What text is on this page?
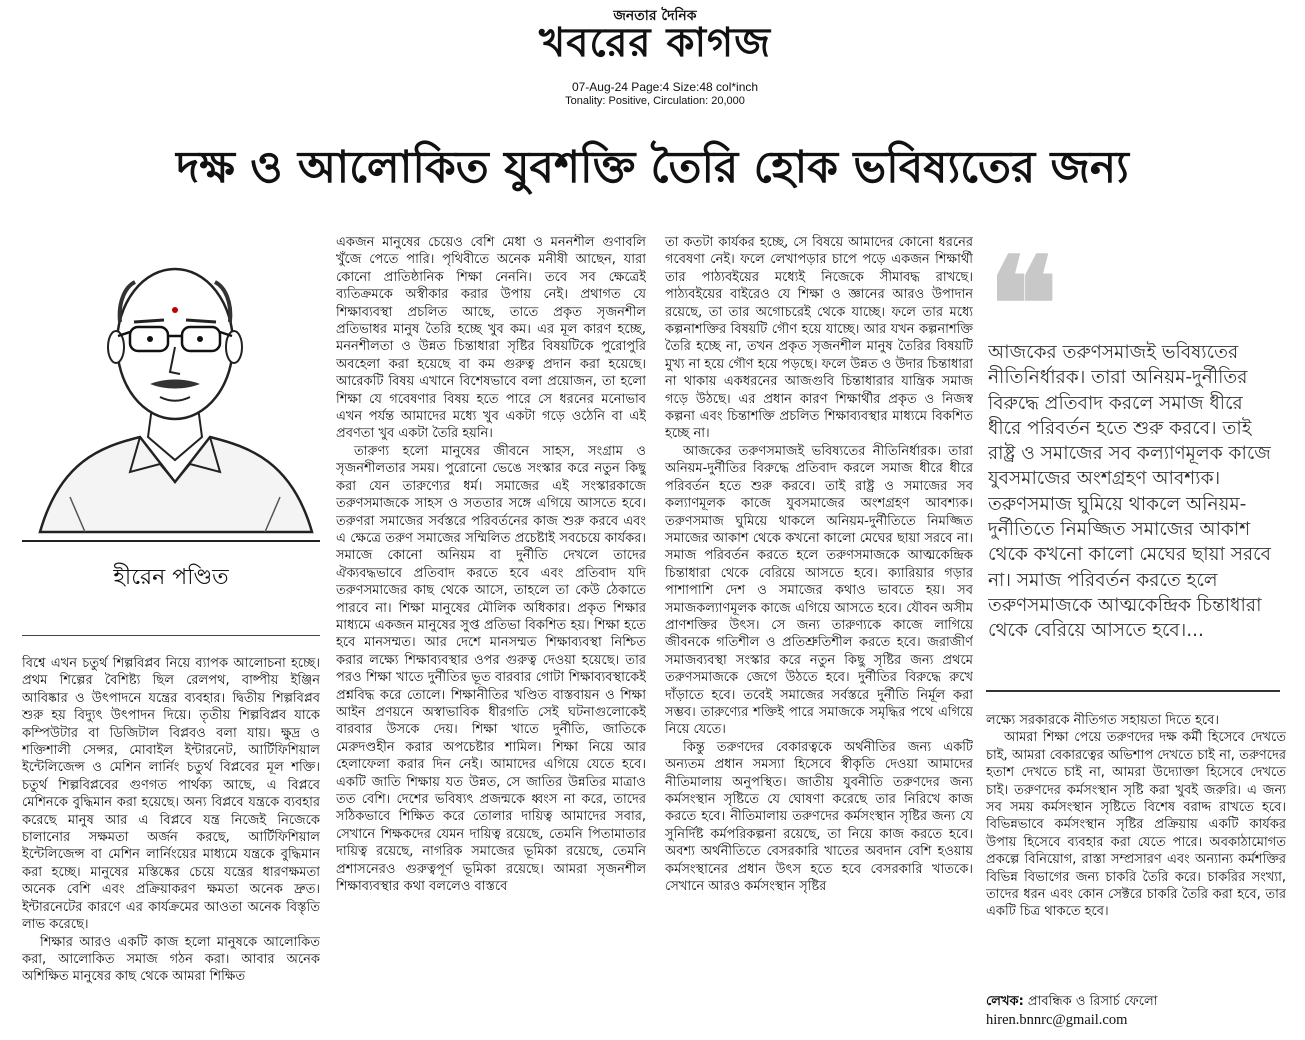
জনতার দৈনিক
খবরের কাগজ
07-Aug-24 Page:4 Size:48 col*inch
Tonality: Positive, Circulation: 20,000
দক্ষ ও আলোকিত যুবশক্তি তৈরি হোক ভবিষ্যতের জন্য
হীরেন পণ্ডিত

বিশ্বে এখন চতুর্থ শিল্পবিপ্লব নিয়ে ব্যাপক আলোচনা হচ্ছে। প্রথম শিল্পের বৈশিষ্ট্য ছিল রেলপথ, বাষ্পীয় ইঞ্জিন আবিষ্কার ও উৎপাদনে যন্ত্রের ব্যবহার। দ্বিতীয় শিল্পবিপ্লব শুরু হয় বিদ্যুৎ উৎপাদন দিয়ে। তৃতীয় শিল্পবিপ্লব যাকে কম্পিউটার বা ডিজিটাল বিপ্লবও বলা যায়। ক্ষুদ্র ও শক্তিশালী সেন্সর, মোবাইল ইন্টারনেট, আর্টিফিশিয়াল ইন্টেলিজেন্স ও মেশিন লার্নিং চতুর্থ বিপ্লবের মূল শক্তি। চতুর্থ শিল্পবিপ্লবের গুণগত পার্থক্য আছে, এ বিপ্লবে মেশিনকে বুদ্ধিমান করা হয়েছে। অন্য বিপ্লবে যন্ত্রকে ব্যবহার করেছে মানুষ আর এ বিপ্লবে যন্ত্র নিজেই নিজেকে চালানোর সক্ষমতা অর্জন করছে, আর্টিফিশিয়াল ইন্টেলিজেন্স বা মেশিন লার্নিংয়ের মাধ্যমে যন্ত্রকে বুদ্ধিমান করা হচ্ছে। মানুষের মস্তিষ্কের চেয়ে যন্ত্রের ধারণক্ষমতা অনেক বেশি এবং প্রক্রিয়াকরণ ক্ষমতা অনেক দ্রুত। ইন্টারনেটের কারণে এর কার্যক্রমের আওতা অনেক বিস্তৃতি লাভ করেছে।

শিক্ষার আরও একটি কাজ হলো মানুষকে আলোকিত করা, আলোকিত সমাজ গঠন করা। আবার অনেক অশিক্ষিত মানুষের কাছ থেকে আমরা শিক্ষিত

একজন মানুষের চেয়েও বেশি মেধা ও মননশীল গুণাবলি খুঁজে পেতে পারি। পৃথিবীতে অনেক মনীষী আছেন, যারা কোনো প্রাতিষ্ঠানিক শিক্ষা নেননি। তবে সব ক্ষেত্রেই ব্যতিক্রমকে অস্বীকার করার উপায় নেই। প্রথাগত যে শিক্ষাব্যবস্থা প্রচলিত আছে, তাতে প্রকৃত সৃজনশীল প্রতিভাধর মানুষ তৈরি হচ্ছে খুব কম। এর মূল কারণ হচ্ছে, মননশীলতা ও উন্নত চিন্তাধারা সৃষ্টির বিষয়টিকে পুরোপুরি অবহেলা করা হয়েছে বা কম গুরুত্ব প্রদান করা হয়েছে। আরেকটি বিষয় এখানে বিশেষভাবে বলা প্রয়োজন, তা হলো শিক্ষা যে গবেষণার বিষয় হতে পারে সে ধরনের মনোভাব এখন পর্যন্ত আমাদের মধ্যে খুব একটা গড়ে ওঠেনি বা এই প্রবণতা খুব একটা তৈরি হয়নি।

তারুণ্য হলো মানুষের জীবনে সাহস, সংগ্রাম ও সৃজনশীলতার সময়। পুরোনো ভেঙে সংস্কার করে নতুন কিছু করা যেন তারুণ্যের ধর্ম। সমাজের এই সংস্কারকাজে তরুণসমাজকে সাহস ও সততার সঙ্গে এগিয়ে আসতে হবে। তরুণরা সমাজের সর্বস্তরে পরিবর্তনের কাজ শুরু করবে এবং এ ক্ষেত্রে তরুণ সমাজের সম্মিলিত প্রচেষ্টাই সবচেয়ে কার্যকর। সমাজে কোনো অনিয়ম বা দুর্নীতি দেখলে তাদের ঐক্যবদ্ধভাবে প্রতিবাদ করতে হবে এবং প্রতিবাদ যদি তরুণসমাজের কাছ থেকে আসে, তাহলে তা কেউ ঠেকাতে পারবে না। শিক্ষা মানুষের মৌলিক অধিকার। প্রকৃত শিক্ষার মাধ্যমে একজন মানুষের সুপ্ত প্রতিভা বিকশিত হয়। শিক্ষা হতে হবে মানসম্মত। আর দেশে মানসম্মত শিক্ষাব্যবস্থা নিশ্চিত করার লক্ষ্যে শিক্ষাব্যবস্থার ওপর গুরুত্ব দেওয়া হয়েছে। তার পরও শিক্ষা খাতে দুর্নীতির ভূত বারবার গোটা শিক্ষাব্যবস্থাকেই প্রশ্নবিদ্ধ করে তোলে। শিক্ষানীতির খণ্ডিত বাস্তবায়ন ও শিক্ষা আইন প্রণয়নে অস্বাভাবিক ধীরগতি সেই ঘটনাগুলোকেই বারবার উসকে দেয়। শিক্ষা খাতে দুর্নীতি, জাতিকে মেরুদণ্ডহীন করার অপচেষ্টার শামিল। শিক্ষা নিয়ে আর হেলাফেলা করার দিন নেই। আমাদের এগিয়ে যেতে হবে। একটি জাতি শিক্ষায় যত উন্নত, সে জাতির উন্নতির মাত্রাও তত বেশি। দেশের ভবিষ্যৎ প্রজন্মকে ধ্বংস না করে, তাদের সঠিকভাবে শিক্ষিত করে তোলার দায়িত্ব আমাদের সবার, সেখানে শিক্ষকদের যেমন দায়িত্ব রয়েছে, তেমনি পিতামাতার দায়িত্ব রয়েছে, নাগরিক সমাজের ভূমিকা রয়েছে, তেমনি প্রশাসনেরও গুরুত্বপূর্ণ ভূমিকা রয়েছে। আমরা সৃজনশীল শিক্ষাব্যবস্থার কথা বললেও বাস্তবে

তা কতটা কার্যকর হচ্ছে, সে বিষয়ে আমাদের কোনো ধরনের গবেষণা নেই। ফলে লেখাপড়ার চাপে পড়ে একজন শিক্ষার্থী তার পাঠ্যবইয়ের মধ্যেই নিজেকে সীমাবদ্ধ রাখছে। পাঠ্যবইয়ের বাইরেও যে শিক্ষা ও জ্ঞানের আরও উপাদান রয়েছে, তা তার অগোচরেই থেকে যাচ্ছে। ফলে তার মধ্যে কল্পনাশক্তির বিষয়টি গৌণ হয়ে যাচ্ছে। আর যখন কল্পনাশক্তি তৈরি হচ্ছে না, তখন প্রকৃত সৃজনশীল মানুষ তৈরির বিষয়টি মুখ্য না হয়ে গৌণ হয়ে পড়ছে। ফলে উন্নত ও উদার চিন্তাধারা না থাকায় একধরনের আজগুবি চিন্তাধারার যান্ত্রিক সমাজ গড়ে উঠছে। এর প্রধান কারণ শিক্ষার্থীর প্রকৃত ও নিজস্ব কল্পনা এবং চিন্তাশক্তি প্রচলিত শিক্ষাব্যবস্থার মাধ্যমে বিকশিত হচ্ছে না।

আজকের তরুণসমাজই ভবিষ্যতের নীতিনির্ধারক। তারা অনিয়ম-দুর্নীতির বিরুদ্ধে প্রতিবাদ করলে সমাজ ধীরে ধীরে পরিবর্তন হতে শুরু করবে। তাই রাষ্ট্র ও সমাজের সব কল্যাণমূলক কাজে যুবসমাজের অংশগ্রহণ আবশ্যক। তরুণসমাজ ঘুমিয়ে থাকলে অনিয়ম-দুর্নীতিতে নিমজ্জিত সমাজের আকাশ থেকে কখনো কালো মেঘের ছায়া সরবে না। সমাজ পরিবর্তন করতে হলে তরুণসমাজকে আত্মকেন্দ্রিক চিন্তাধারা থেকে বেরিয়ে আসতে হবে। ক্যারিয়ার গড়ার পাশাপাশি দেশ ও সমাজের কথাও ভাবতে হয়। সব সমাজকল্যাণমূলক কাজে এগিয়ে আসতে হবে। যৌবন অসীম প্রাণশক্তির উৎস। সে জন্য তারুণ্যকে কাজে লাগিয়ে জীবনকে গতিশীল ও প্রতিশ্রুতিশীল করতে হবে। জরাজীর্ণ সমাজব্যবস্থা সংস্কার করে নতুন কিছু সৃষ্টির জন্য প্রথমে তরুণসমাজকে জেগে উঠতে হবে। দুর্নীতির বিরুদ্ধে রুখে দাঁড়াতে হবে। তবেই সমাজের সর্বস্তরে দুর্নীতি নির্মূল করা সম্ভব। তারুণ্যের শক্তিই পারে সমাজকে সমৃদ্ধির পথে এগিয়ে নিয়ে যেতে।

কিন্তু তরুণদের বেকারত্বকে অর্থনীতির জন্য একটি অন্যতম প্রধান সমস্যা হিসেবে স্বীকৃতি দেওয়া আমাদের নীতিমালায় অনুপস্থিত। জাতীয় যুবনীতি তরুণদের জন্য কর্মসংস্থান সৃষ্টিতে যে ঘোষণা করেছে তার নিরিখে কাজ করতে হবে। নীতিমালায় তরুণদের কর্মসংস্থান সৃষ্টির জন্য যে সুনির্দিষ্ট কর্মপরিকল্পনা রয়েছে, তা নিয়ে কাজ করতে হবে। অবশ্য অর্থনীতিতে বেসরকারি খাতের অবদান বেশি হওয়ায় কর্মসংস্থানের প্রধান উৎস হতে হবে বেসরকারি খাতকে। সেখানে আরও কর্মসংস্থান সৃষ্টির

❝
আজকের তরুণসমাজই ভবিষ্যতের নীতিনির্ধারক। তারা অনিয়ম-দুর্নীতির বিরুদ্ধে প্রতিবাদ করলে সমাজ ধীরে ধীরে পরিবর্তন হতে শুরু করবে। তাই রাষ্ট্র ও সমাজের সব কল্যাণমূলক কাজে যুবসমাজের অংশগ্রহণ আবশ্যক। তরুণসমাজ ঘুমিয়ে থাকলে অনিয়ম-দুর্নীতিতে নিমজ্জিত সমাজের আকাশ থেকে কখনো কালো মেঘের ছায়া সরবে না। সমাজ পরিবর্তন করতে হলে তরুণসমাজকে আত্মকেন্দ্রিক চিন্তাধারা থেকে বেরিয়ে আসতে হবে।...

লক্ষ্যে সরকারকে নীতিগত সহায়তা দিতে হবে।

আমরা শিক্ষা পেয়ে তরুণদের দক্ষ কর্মী হিসেবে দেখতে চাই, আমরা বেকারত্বের অভিশাপ দেখতে চাই না, তরুণদের হতাশ দেখতে চাই না, আমরা উদ্যোক্তা হিসেবে দেখতে চাই। তরুণদের কর্মসংস্থান সৃষ্টি করা খুবই জরুরি। এ জন্য সব সময় কর্মসংস্থান সৃষ্টিতে বিশেষ বরাদ্দ রাখতে হবে। বিভিন্নভাবে কর্মসংস্থান সৃষ্টির প্রক্রিয়ায় একটি কার্যকর উপায় হিসেবে ব্যবহার করা যেতে পারে। অবকাঠামোগত প্রকল্পে বিনিয়োগ, রাস্তা সম্প্রসারণ এবং অন্যান্য কর্মশক্তির বিভিন্ন বিভাগের জন্য চাকরি তৈরি করে। চাকরির সংখ্যা, তাদের ধরন এবং কোন সেক্টরে চাকরি তৈরি করা হবে, তার একটি চিত্র থাকতে হবে।

লেখক: প্রাবন্ধিক ও রিসার্চ ফেলো
hiren.bnnrc@gmail.com
